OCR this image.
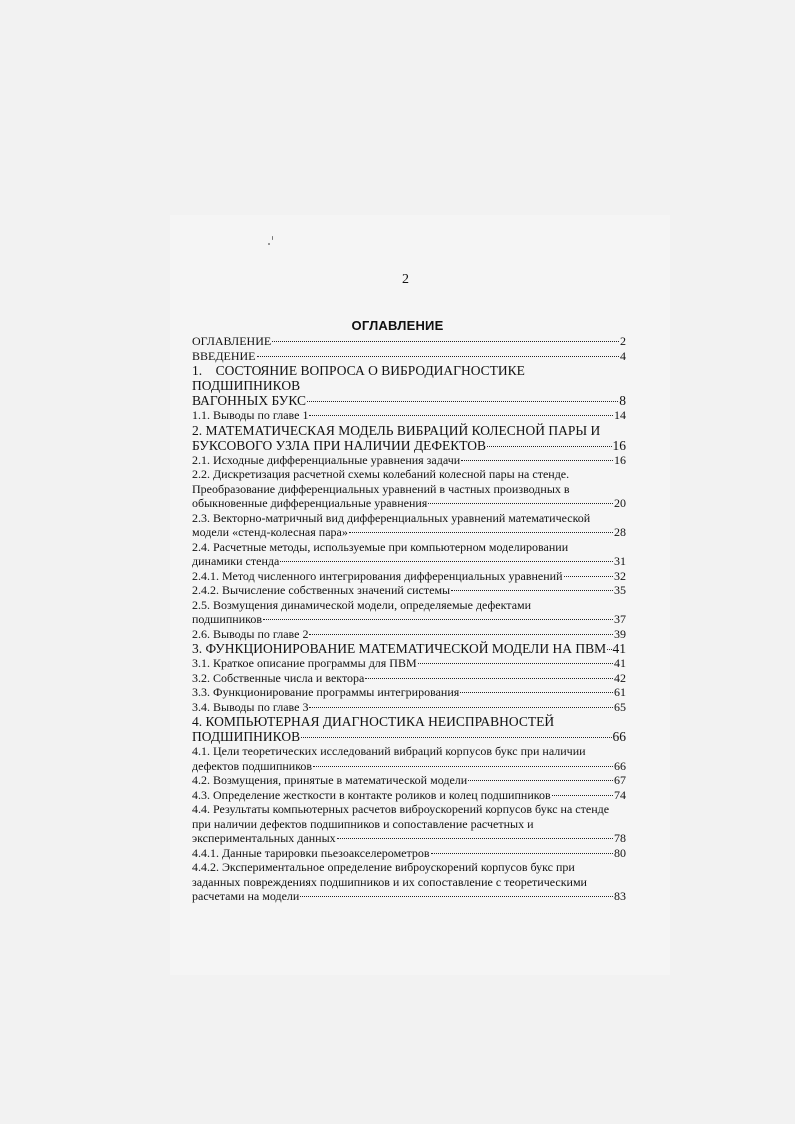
2
ОГЛАВЛЕНИЕ
ОГЛАВЛЕНИЕ	2
ВВЕДЕНИЕ	4
1.    СОСТОЯНИЕ ВОПРОСА О ВИБРОДИАГНОСТИКЕ ПОДШИПНИКОВ
ВАГОННЫХ БУКС	8
1.1. Выводы по главе 1	14
2. МАТЕМАТИЧЕСКАЯ МОДЕЛЬ ВИБРАЦИЙ КОЛЕСНОЙ ПАРЫ И
БУКСОВОГО УЗЛА ПРИ НАЛИЧИИ ДЕФЕКТОВ	16
2.1. Исходные дифференциальные уравнения задачи	16
2.2. Дискретизация расчетной схемы колебаний колесной пары на стенде. Преобразование дифференциальных уравнений в частных производных в
обыкновенные дифференциальные уравнения	20
2.3. Векторно-матричный вид дифференциальных уравнений математической
модели «стенд-колесная пара»	28
2.4. Расчетные методы, используемые при компьютерном моделировании
динамики стенда	31
2.4.1. Метод численного интегрирования дифференциальных уравнений	32
2.4.2. Вычисление собственных значений системы	35
2.5. Возмущения динамической модели, определяемые дефектами
подшипников	37
2.6. Выводы по главе 2	39
3. ФУНКЦИОНИРОВАНИЕ МАТЕМАТИЧЕСКОЙ МОДЕЛИ НА ПВМ 41
3.1. Краткое описание программы для ПВМ	41
3.2. Собственные числа и вектора	42
3.3. Функционирование программы интегрирования	61
3.4. Выводы по главе 3	65
4. КОМПЬЮТЕРНАЯ ДИАГНОСТИКА НЕИСПРАВНОСТЕЙ
ПОДШИПНИКОВ	66
4.1. Цели теоретических исследований вибраций корпусов букс при наличии
дефектов подшипников	66
4.2. Возмущения, принятые в математической модели	67
4.3. Определение жесткости в контакте роликов и колец подшипников	74
4.4. Результаты компьютерных расчетов виброускорений корпусов букс на стенде при наличии дефектов подшипников и сопоставление расчетных и
экспериментальных данных	78
4.4.1. Данные тарировки пьезоакселерометров	80
4.4.2. Экспериментальное определение виброускорений корпусов букс при заданных повреждениях подшипников и их сопоставление с теоретическими
расчетами на модели	83
